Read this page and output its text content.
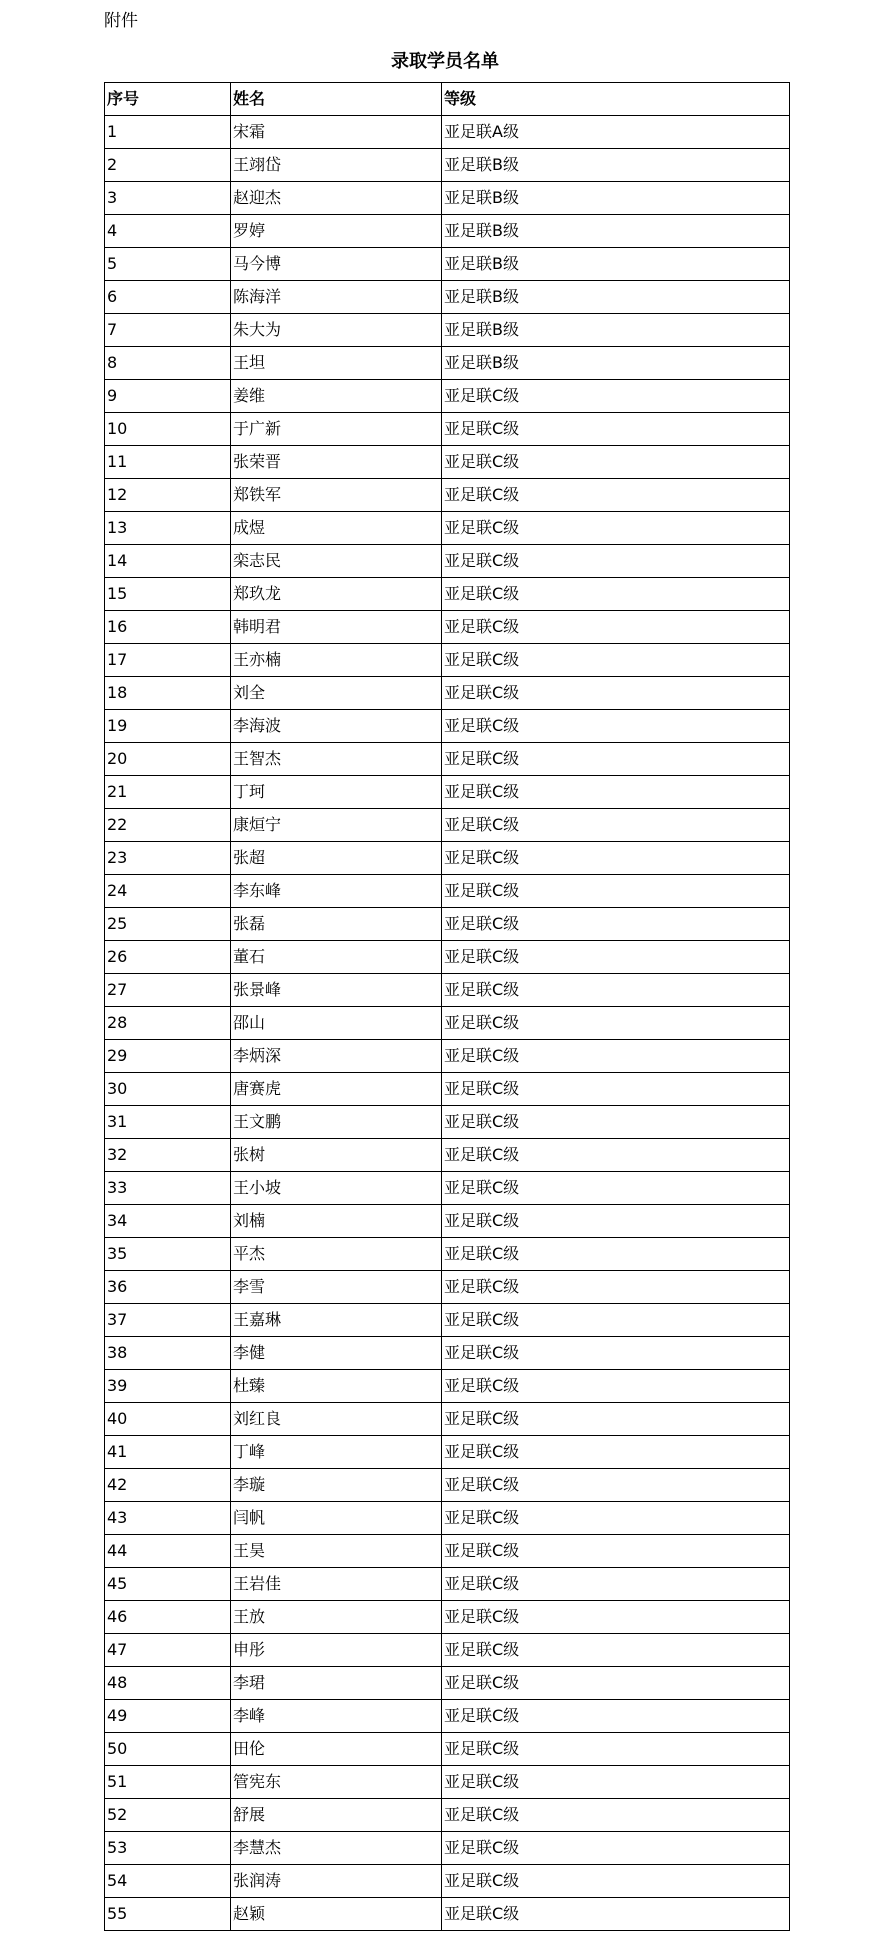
附件
录取学员名单
序号	姓名	等级
1	宋霜	亚足联A级
2	王翊岱	亚足联B级
3	赵迎杰	亚足联B级
4	罗婷	亚足联B级
5	马今博	亚足联B级
6	陈海洋	亚足联B级
7	朱大为	亚足联B级
8	王坦	亚足联B级
9	姜维	亚足联C级
10	于广新	亚足联C级
11	张荣晋	亚足联C级
12	郑铁军	亚足联C级
13	成煜	亚足联C级
14	栾志民	亚足联C级
15	郑玖龙	亚足联C级
16	韩明君	亚足联C级
17	王亦楠	亚足联C级
18	刘全	亚足联C级
19	李海波	亚足联C级
20	王智杰	亚足联C级
21	丁珂	亚足联C级
22	康烜宁	亚足联C级
23	张超	亚足联C级
24	李东峰	亚足联C级
25	张磊	亚足联C级
26	董石	亚足联C级
27	张景峰	亚足联C级
28	邵山	亚足联C级
29	李炳深	亚足联C级
30	唐赛虎	亚足联C级
31	王文鹏	亚足联C级
32	张树	亚足联C级
33	王小坡	亚足联C级
34	刘楠	亚足联C级
35	平杰	亚足联C级
36	李雪	亚足联C级
37	王嘉琳	亚足联C级
38	李健	亚足联C级
39	杜臻	亚足联C级
40	刘红良	亚足联C级
41	丁峰	亚足联C级
42	李璇	亚足联C级
43	闫帆	亚足联C级
44	王昊	亚足联C级
45	王岩佳	亚足联C级
46	王放	亚足联C级
47	申彤	亚足联C级
48	李珺	亚足联C级
49	李峰	亚足联C级
50	田伦	亚足联C级
51	管宪东	亚足联C级
52	舒展	亚足联C级
53	李慧杰	亚足联C级
54	张润涛	亚足联C级
55	赵颖	亚足联C级
